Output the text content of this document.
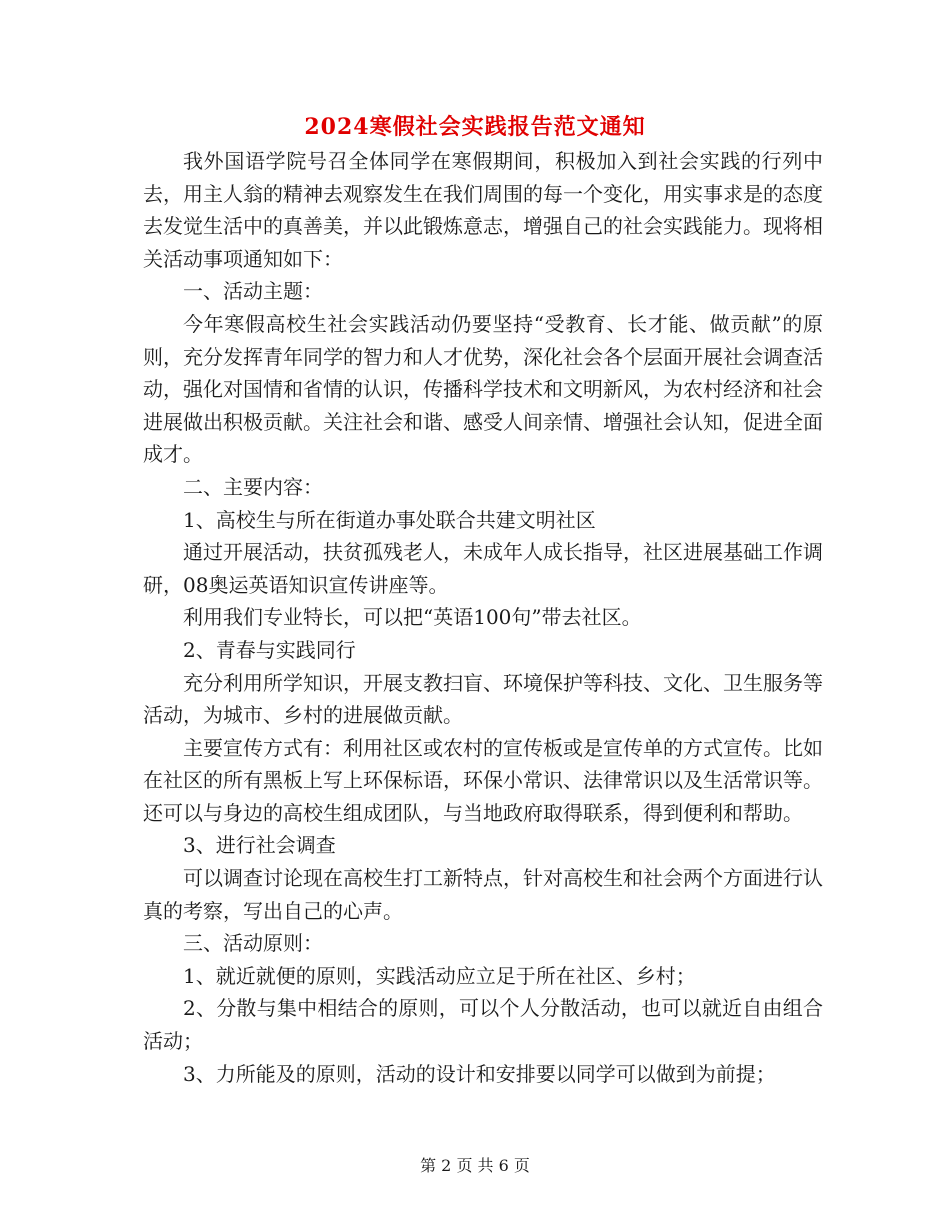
2024寒假社会实践报告范文通知

我外国语学院号召全体同学在寒假期间，积极加入到社会实践的行列中去，用主人翁的精神去观察发生在我们周围的每一个变化，用实事求是的态度去发觉生活中的真善美，并以此锻炼意志，增强自己的社会实践能力。现将相关活动事项通知如下：

一、活动主题：

今年寒假高校生社会实践活动仍要坚持“受教育、长才能、做贡献”的原则，充分发挥青年同学的智力和人才优势，深化社会各个层面开展社会调查活动，强化对国情和省情的认识，传播科学技术和文明新风，为农村经济和社会进展做出积极贡献。关注社会和谐、感受人间亲情、增强社会认知，促进全面成才。

二、主要内容：

1、高校生与所在街道办事处联合共建文明社区

通过开展活动，扶贫孤残老人，未成年人成长指导，社区进展基础工作调研，08奥运英语知识宣传讲座等。

利用我们专业特长，可以把“英语100句”带去社区。

2、青春与实践同行

充分利用所学知识，开展支教扫盲、环境保护等科技、文化、卫生服务等活动，为城市、乡村的进展做贡献。

主要宣传方式有：利用社区或农村的宣传板或是宣传单的方式宣传。比如在社区的所有黑板上写上环保标语，环保小常识、法律常识以及生活常识等。还可以与身边的高校生组成团队，与当地政府取得联系，得到便利和帮助。

3、进行社会调查

可以调查讨论现在高校生打工新特点，针对高校生和社会两个方面进行认真的考察，写出自己的心声。

三、活动原则：

1、就近就便的原则，实践活动应立足于所在社区、乡村；

2、分散与集中相结合的原则，可以个人分散活动，也可以就近自由组合活动；

3、力所能及的原则，活动的设计和安排要以同学可以做到为前提；

第 2 页 共 6 页
